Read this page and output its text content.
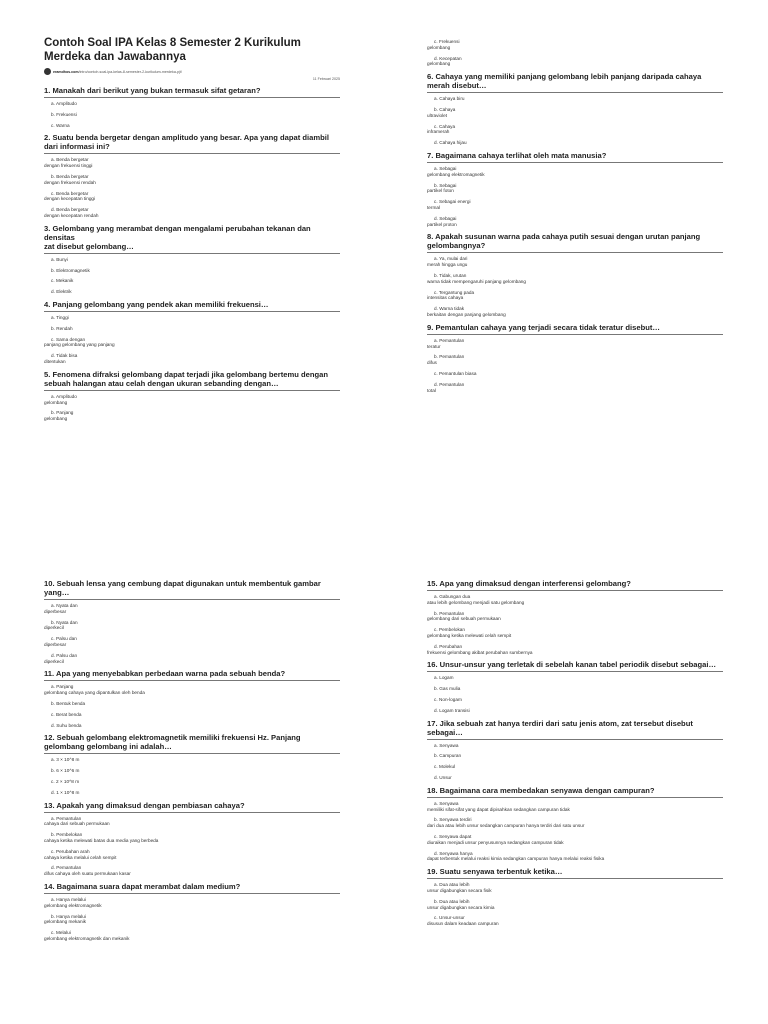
Contoh Soal IPA Kelas 8 Semester 2 Kurikulum Merdeka dan Jawabannya
eramdhos.com /intro/contoh-soal-ipa-kelas-8-semester-2-kurikulum-merdeka-pjt/
11 Februari 2025
1. Manakah dari berikut yang bukan termasuk sifat getaran?
a. Amplitudo
b. Frekuensi
c. Warna
2. Suatu benda bergetar dengan amplitudo yang besar. Apa yang dapat diambil dari informasi ini?
a. Benda bergetar
dengan frekuensi tinggi
b. Benda bergetar
dengan frekuensi rendah
c. Benda bergetar
dengan kecepatan tinggi
d. Benda bergetar
dengan kecepatan rendah
3. Gelombang yang merambat dengan mengalami perubahan tekanan dan densitas
zat disebut gelombang…
a. Bunyi
b. Elektromagnetik
c. Mekanik
d. Elektrik
4. Panjang gelombang yang pendek akan memiliki frekuensi…
a. Tinggi
b. Rendah
c. Sama dengan
panjang gelombang yang panjang
d. Tidak bisa
ditentukan
5. Fenomena difraksi gelombang dapat terjadi jika gelombang bertemu dengan sebuah halangan atau celah dengan ukuran sebanding dengan…
a. Amplitudo
gelombang
b. Panjang
gelombang
c. Frekuensi
gelombang
d. Kecepatan
gelombang
6. Cahaya yang memiliki panjang gelombang lebih panjang daripada cahaya merah disebut…
a. Cahaya biru
b. Cahaya
ultraviolet
c. Cahaya
inframerah
d. Cahaya hijau
7. Bagaimana cahaya terlihat oleh mata manusia?
a. Sebagai
gelombang elektromagnetik
b. Sebagai
partikel foton
c. Sebagai energi
termal
d. Sebagai
partikel proton
8. Apakah susunan warna pada cahaya putih sesuai dengan urutan panjang gelombangnya?
a. Ya, mulai dari
merah hingga ungu
b. Tidak, urutan
warna tidak mempengaruhi panjang gelombang
c. Tergantung pada
intensitas cahaya
d. Warna tidak
berkaitan dengan panjang gelombang
9. Pemantulan cahaya yang terjadi secara tidak teratur disebut…
a. Pemantulan
teratur
b. Pemantulan
difus
c. Pemantulan biasa
d. Pemantulan
total
10. Sebuah lensa yang cembung dapat digunakan untuk membentuk gambar yang…
a. Nyata dan
diperbesar
b. Nyata dan
diperkecil
c. Palsu dan
diperbesar
d. Palsu dan
diperkecil
11. Apa yang menyebabkan perbedaan warna pada sebuah benda?
a. Panjang
gelombang cahaya yang dipantulkan oleh benda
b. Bentuk benda
c. Berat benda
d. Suhu benda
12. Sebuah gelombang elektromagnetik memiliki frekuensi Hz. Panjang gelombang gelombang ini adalah…
a. 3 × 10^8 m
b. 6 × 10^6 m
c. 2 × 10^8 m
d. 1 × 10^8 m
13. Apakah yang dimaksud dengan pembiasan cahaya?
a. Pemantulan
cahaya dari sebuah permukaan
b. Pembelokan
cahaya ketika melewati batas dua media yang berbeda
c. Perubahan arah
cahaya ketika melalui celah sempit
d. Pemantulan
difus cahaya oleh suatu permukaan kasar
14. Bagaimana suara dapat merambat dalam medium?
a. Hanya melalui
gelombang elektromagnetik
b. Hanya melalui
gelombang mekanik
c. Melalui
gelombang elektromagnetik dan mekanik
15. Apa yang dimaksud dengan interferensi gelombang?
a. Gabungan dua
atau lebih gelombang menjadi satu gelombang
b. Pemantulan
gelombang dari sebuah permukaan
c. Pembelokan
gelombang ketika melewati celah sempit
d. Perubahan
frekuensi gelombang akibat perubahan sumbernya
16. Unsur-unsur yang terletak di sebelah kanan tabel periodik disebut sebagai…
a. Logam
b. Gas mulia
c. Non-logam
d. Logam transisi
17. Jika sebuah zat hanya terdiri dari satu jenis atom, zat tersebut disebut sebagai…
a. Senyawa
b. Campuran
c. Molekul
d. Unsur
18. Bagaimana cara membedakan senyawa dengan campuran?
a. Senyawa
memiliki sifat-sifat yang dapat dipisahkan sedangkan campuran tidak
b. Senyawa terdiri
dari dua atau lebih unsur sedangkan campuran hanya terdiri dari satu unsur
c. Senyawa dapat
diuraikan menjadi unsur penyusunnya sedangkan campuran tidak
d. Senyawa hanya
dapat terbentuk melalui reaksi kimia sedangkan campuran hanya melalui reaksi fisika
19. Suatu senyawa terbentuk ketika…
a. Dua atau lebih
unsur digabungkan secara fisik
b. Dua atau lebih
unsur digabungkan secara kimia
c. Unsur-unsur
disusun dalam keadaan campuran
